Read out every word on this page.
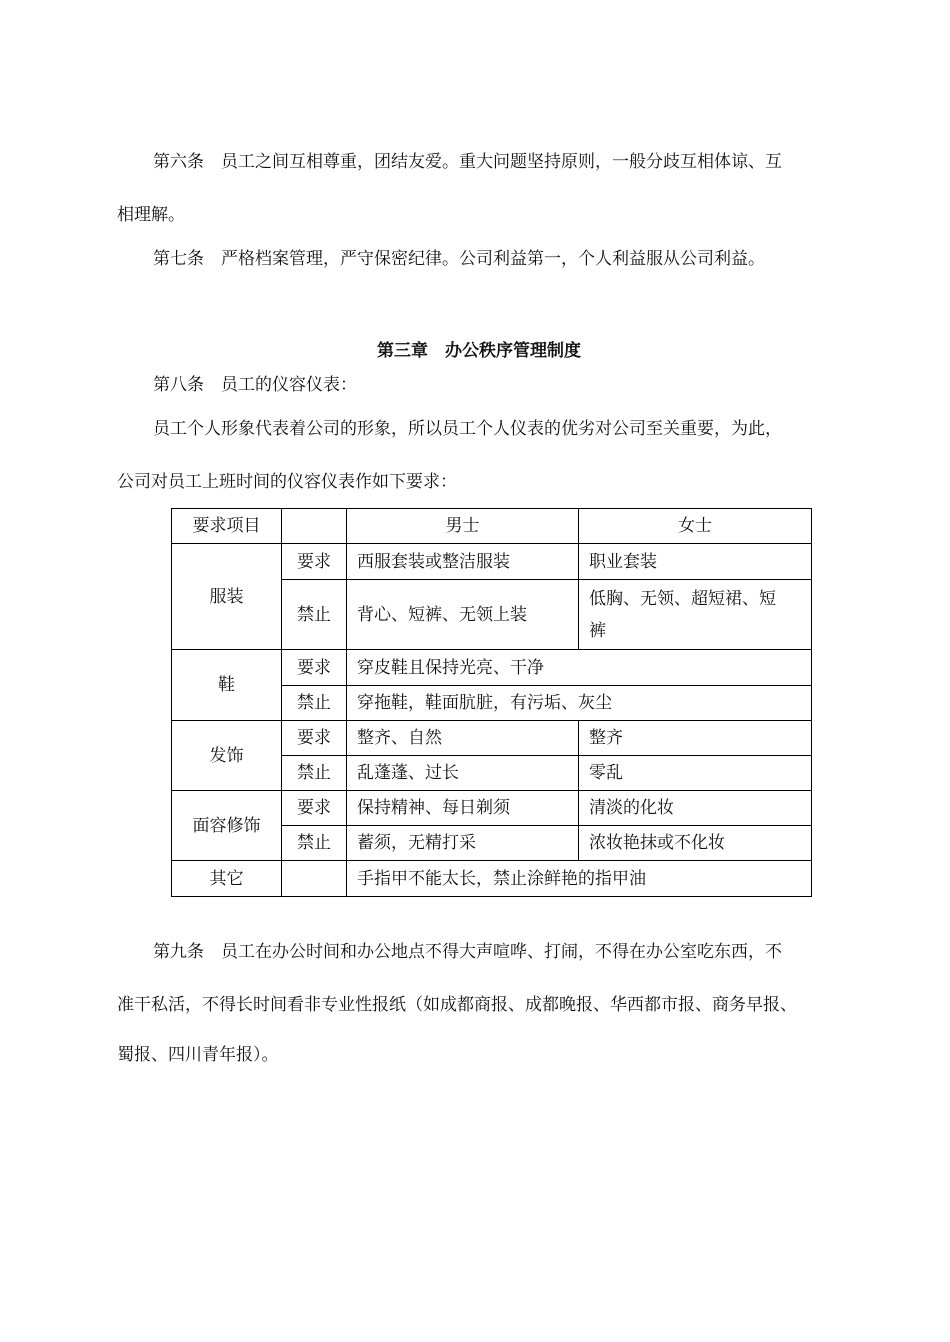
第六条　员工之间互相尊重，团结友爱。重大问题坚持原则，一般分歧互相体谅、互
相理解。
第七条　严格档案管理，严守保密纪律。公司利益第一，个人利益服从公司利益。
第三章　办公秩序管理制度
第八条　员工的仪容仪表：
员工个人形象代表着公司的形象，所以员工个人仪表的优劣对公司至关重要，为此，
公司对员工上班时间的仪容仪表作如下要求：
要求项目		男士	女士
服装	要求	西服套装或整洁服装	职业套装
	禁止	背心、短裤、无领上装	低胸、无领、超短裙、短
裤
鞋	要求	穿皮鞋且保持光亮、干净	
	禁止	穿拖鞋，鞋面肮脏，有污垢、灰尘	
发饰	要求	整齐、自然	整齐
	禁止	乱蓬蓬、过长	零乱
面容修饰	要求	保持精神、每日剃须	清淡的化妆
	禁止	蓄须，无精打采	浓妆艳抹或不化妆
其它		手指甲不能太长，禁止涂鲜艳的指甲油	
第九条　员工在办公时间和办公地点不得大声喧哗、打闹，不得在办公室吃东西，不
准干私活，不得长时间看非专业性报纸（如成都商报、成都晚报、华西都市报、商务早报、
蜀报、四川青年报）。
